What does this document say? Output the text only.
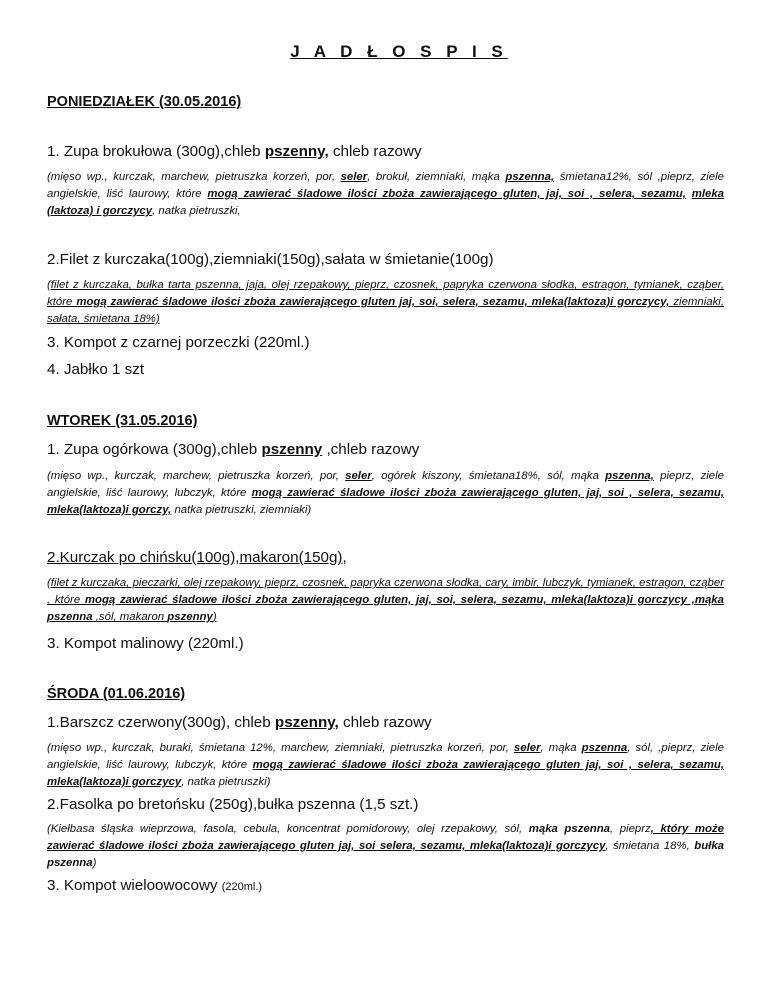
J A D Ł O S P I S
PONIEDZIAŁEK (30.05.2016)
1. Zupa brokułowa (300g),chleb pszenny, chleb razowy
(mięso wp., kurczak, marchew, pietruszka korzeń, por, seler, brokuł, ziemniaki, mąka pszenna, śmietana12%, sól ,pieprz, ziele angielskie, liść laurowy, które mogą zawierać śladowe ilości zboża zawierającego gluten, jaj, soi , selera, sezamu, mleka (laktoza) i gorczycy, natka pietruszki,
2.Filet z kurczaka(100g),ziemniaki(150g),sałata w śmietanie(100g)
(filet z kurczaka, bułka tarta pszenna, jaja, olej rzepakowy, pieprz, czosnek, papryka czerwona słodka, estragon, tymianek, cząber, które mogą zawierać śladowe ilości zboża zawierającego gluten jaj, soi, selera, sezamu, mleka(laktoza)i gorczycy, ziemniaki, sałata, śmietana 18%)
3. Kompot z czarnej porzeczki (220ml.)
4. Jabłko 1 szt
WTOREK (31.05.2016)
1. Zupa ogórkowa (300g),chleb pszenny ,chleb razowy
(mięso wp., kurczak, marchew, pietruszka korzeń, por, seler, ogórek kiszony, śmietana18%, sól, mąka pszenna, pieprz, ziele angielskie, liść laurowy, lubczyk, które mogą zawierać śladowe ilości zboża zawierającego gluten, jaj, soi , selera, sezamu, mleka(laktoza)i gorczy, natka pietruszki, ziemniaki)
2.Kurczak po chińsku(100g),makaron(150g),
(filet z kurczaka, pieczarki, olej rzepakowy, pieprz, czosnek, papryka czerwona słodka, cary, imbir, lubczyk, tymianek, estragon, cząber , które mogą zawierać śladowe ilości zboża zawierającego gluten, jaj, soi, selera, sezamu, mleka(laktoza)i gorczycy ,mąka pszenna ,sól, makaron pszenny)
3. Kompot malinowy (220ml.)
ŚRODA (01.06.2016)
1.Barszcz czerwony(300g), chleb pszenny, chleb razowy
(mięso wp., kurczak, buraki, śmietana 12%, marchew, ziemniaki, pietruszka korzeń, por, seler, mąka pszenna, sól, ,pieprz, ziele angielskie, liść laurowy, lubczyk, które mogą zawierać śladowe ilości zboża zawierającego gluten jaj, soi , selera, sezamu, mleka(laktoza)i gorczycy, natka pietruszki)
2.Fasolka po bretońsku (250g),bułka pszenna (1,5 szt.)
(Kiełbasa śląska wieprzowa, fasola, cebula, koncentrat pomidorowy, olej rzepakowy, sól, mąka pszenna, pieprz, który może zawierać śladowe ilości zboża zawierającego gluten jaj, soi selera, sezamu, mleka(laktoza)i gorczycy, śmietana 18%, bułka pszenna)
3. Kompot wieloowocowy (220ml.)
